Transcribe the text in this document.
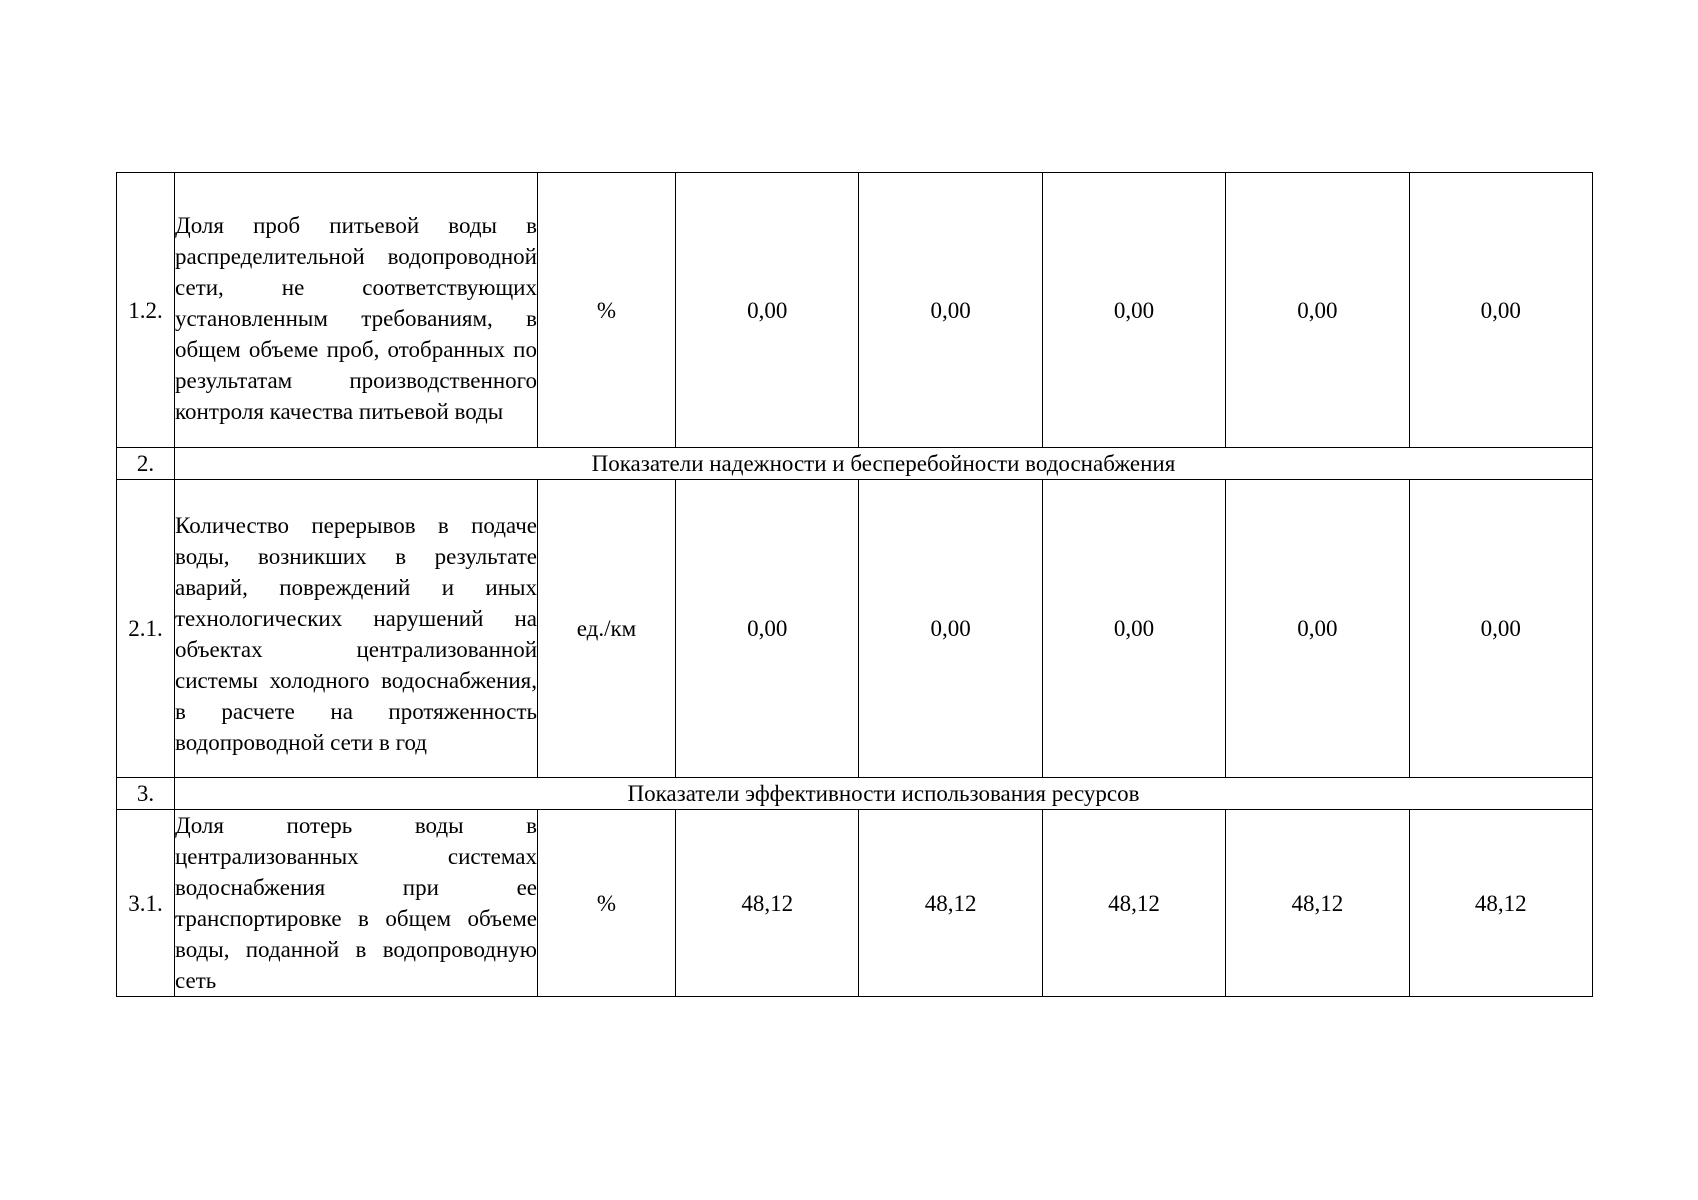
1.2.	Доля проб питьевой воды в распределительной водопроводной сети, не соответствующих установленным требованиям, в общем объеме проб, отобранных по результатам производственного контроля качества питьевой воды	%	0,00	0,00	0,00	0,00	0,00
2.	Показатели надежности и бесперебойности водоснабжения						
2.1.	Количество перерывов в подаче воды, возникших в результате аварий, повреждений и иных технологических нарушений на объектах централизованной системы холодного водоснабжения, в расчете на протяженность водопроводной сети в год	ед./км	0,00	0,00	0,00	0,00	0,00
3.	Показатели эффективности использования ресурсов						
3.1.	Доля потерь воды в централизованных системах водоснабжения при ее транспортировке в общем объеме воды, поданной в водопроводную сеть	%	48,12	48,12	48,12	48,12	48,12
